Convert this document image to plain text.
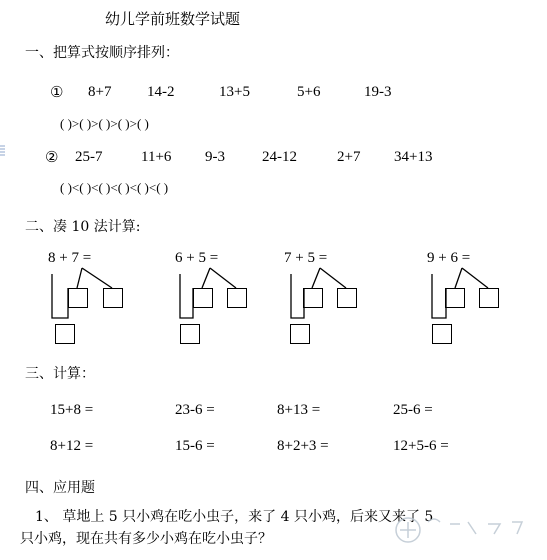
幼儿学前班数学试题
一、把算式按顺序排列：
① 8+7 14-2	13+5	5+6	19-3
( )>( )>( )>( )>( )
② 25-7	11+6 9-3 24-12	2+7 34+13
( )<( )<( )<( )<( )<( )
二、凑 10 法计算:
8 + 7 =	6 + 5 =	7 + 5 =	9 + 6 =
三、计算：
15+8 =	23-6 =	8+13 =	25-6 =
8+12 =	15-6 =	8+2+3 =	12+5-6 =
四、应用题
1、 草地上 5 只小鸡在吃小虫子，来了 4 只小鸡，后来又来了 5
只小鸡，现在共有多少小鸡在吃小虫子？
